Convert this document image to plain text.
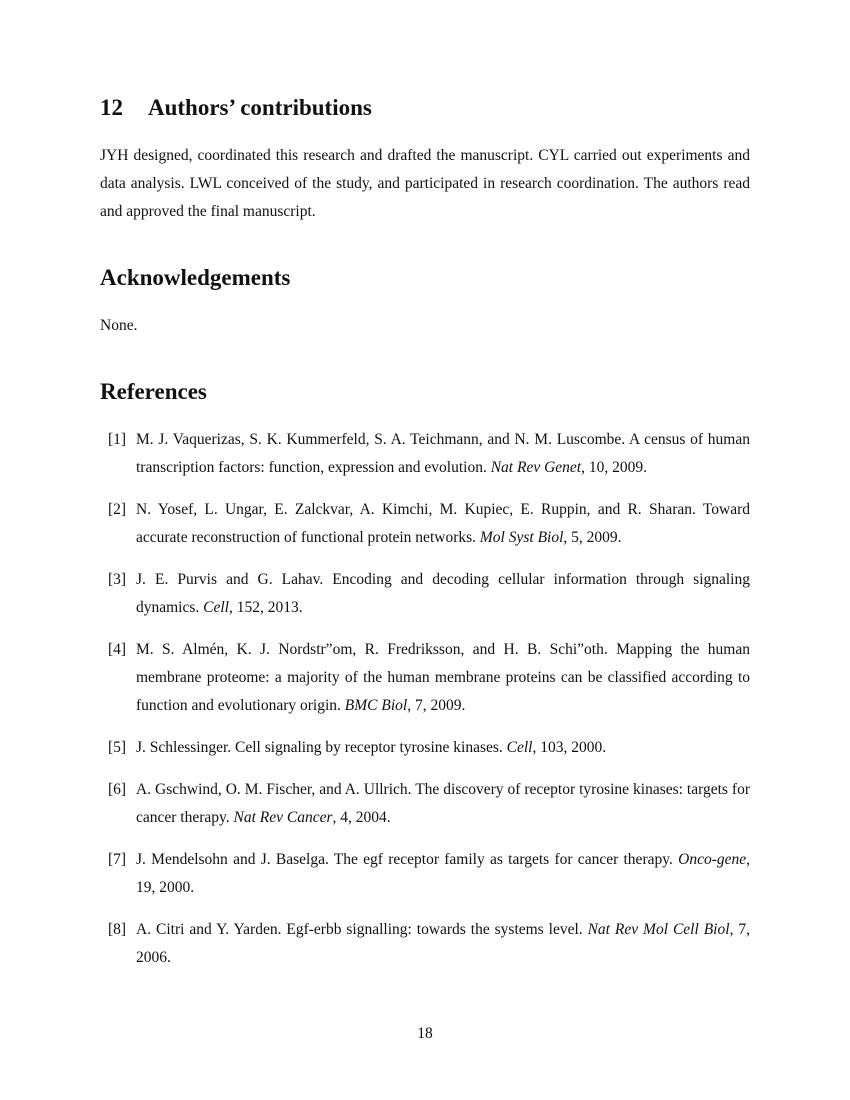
12 Authors’ contributions

JYH designed, coordinated this research and drafted the manuscript. CYL carried out experiments and data analysis. LWL conceived of the study, and participated in research coordination. The authors read and approved the final manuscript.

Acknowledgements

None.

References
[1] M. J. Vaquerizas, S. K. Kummerfeld, S. A. Teichmann, and N. M. Luscombe. A census of human transcription factors: function, expression and evolution. Nat Rev Genet, 10, 2009.
[2] N. Yosef, L. Ungar, E. Zalckvar, A. Kimchi, M. Kupiec, E. Ruppin, and R. Sharan. Toward accurate reconstruction of functional protein networks. Mol Syst Biol, 5, 2009.
[3] J. E. Purvis and G. Lahav. Encoding and decoding cellular information through signaling dynamics. Cell, 152, 2013.
[4] M. S. Almén, K. J. Nordstr”om, R. Fredriksson, and H. B. Schi”oth. Mapping the human membrane proteome: a majority of the human membrane proteins can be classified according to function and evolutionary origin. BMC Biol, 7, 2009.
[5] J. Schlessinger. Cell signaling by receptor tyrosine kinases. Cell, 103, 2000.
[6] A. Gschwind, O. M. Fischer, and A. Ullrich. The discovery of receptor tyrosine kinases: targets for cancer therapy. Nat Rev Cancer, 4, 2004.
[7] J. Mendelsohn and J. Baselga. The egf receptor family as targets for cancer therapy. Onco-gene, 19, 2000.
[8] A. Citri and Y. Yarden. Egf-erbb signalling: towards the systems level. Nat Rev Mol Cell Biol, 7, 2006.
18
